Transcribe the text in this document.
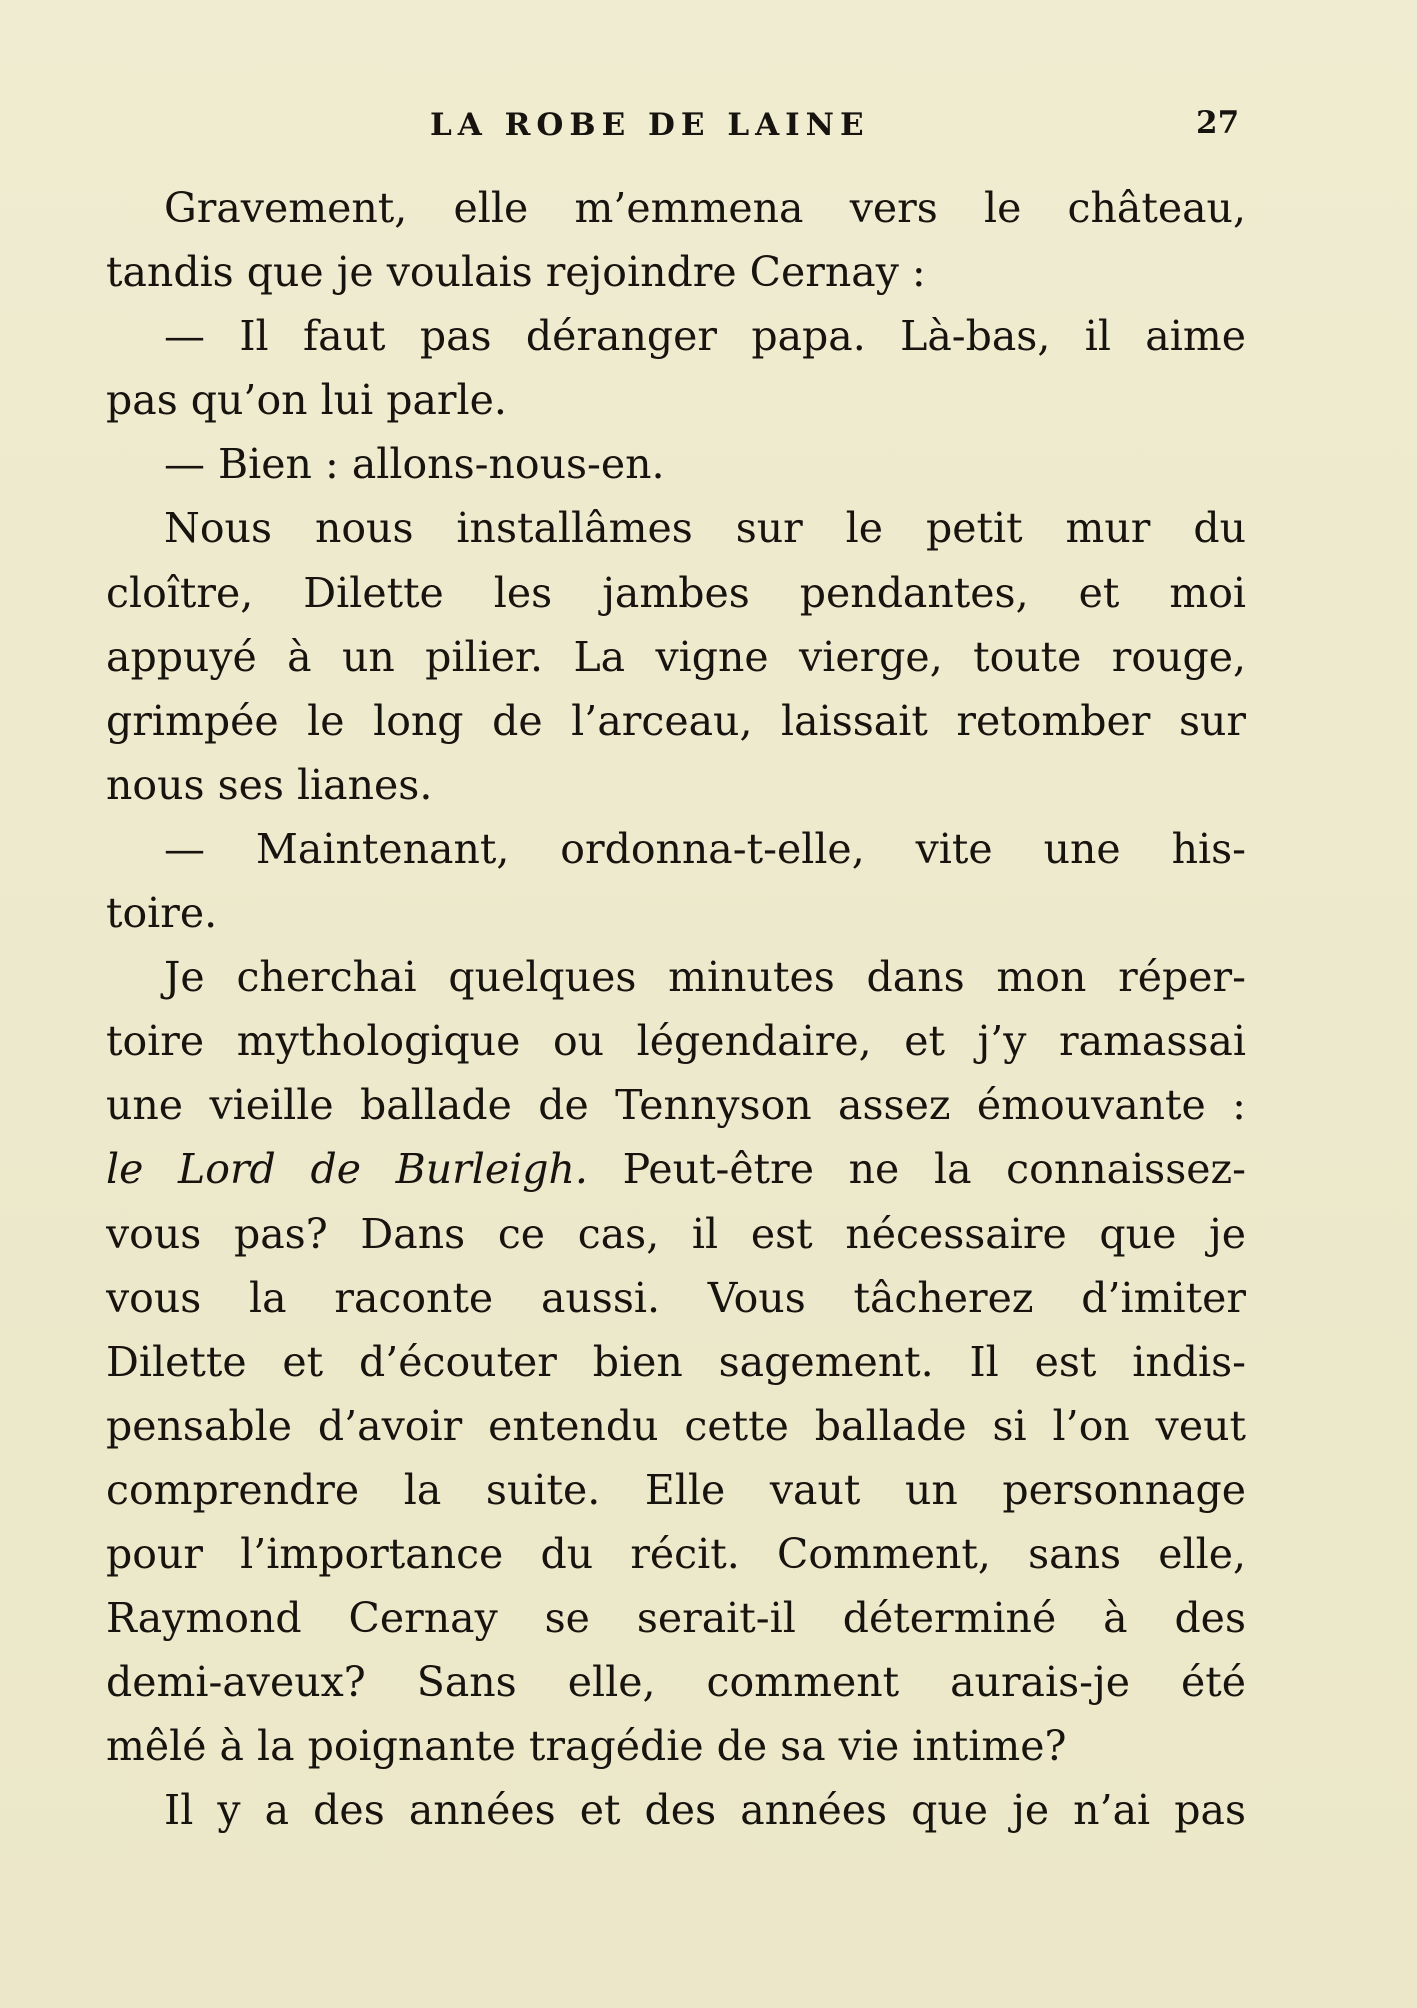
LA ROBE DE LAINE	27
Gravement, elle m’emmena vers le château,
tandis que je voulais rejoindre Cernay :
— Il faut pas déranger papa. Là-bas, il aime
pas qu’on lui parle.
— Bien : allons-nous-en.
Nous nous installâmes sur le petit mur du
cloître, Dilette les jambes pendantes, et moi
appuyé à un pilier. La vigne vierge, toute rouge,
grimpée le long de l’arceau, laissait retomber sur
nous ses lianes.
— Maintenant, ordonna-t-elle, vite une his-
toire.
Je cherchai quelques minutes dans mon réper-
toire mythologique ou légendaire, et j’y ramassai
une vieille ballade de Tennyson assez émouvante :
le Lord de Burleigh. Peut-être ne la connaissez-
vous pas? Dans ce cas, il est nécessaire que je
vous la raconte aussi. Vous tâcherez d’imiter
Dilette et d’écouter bien sagement. Il est indis-
pensable d’avoir entendu cette ballade si l’on veut
comprendre la suite. Elle vaut un personnage
pour l’importance du récit. Comment, sans elle,
Raymond Cernay se serait-il déterminé à des
demi-aveux? Sans elle, comment aurais-je été
mêlé à la poignante tragédie de sa vie intime?
Il y a des années et des années que je n’ai pas
